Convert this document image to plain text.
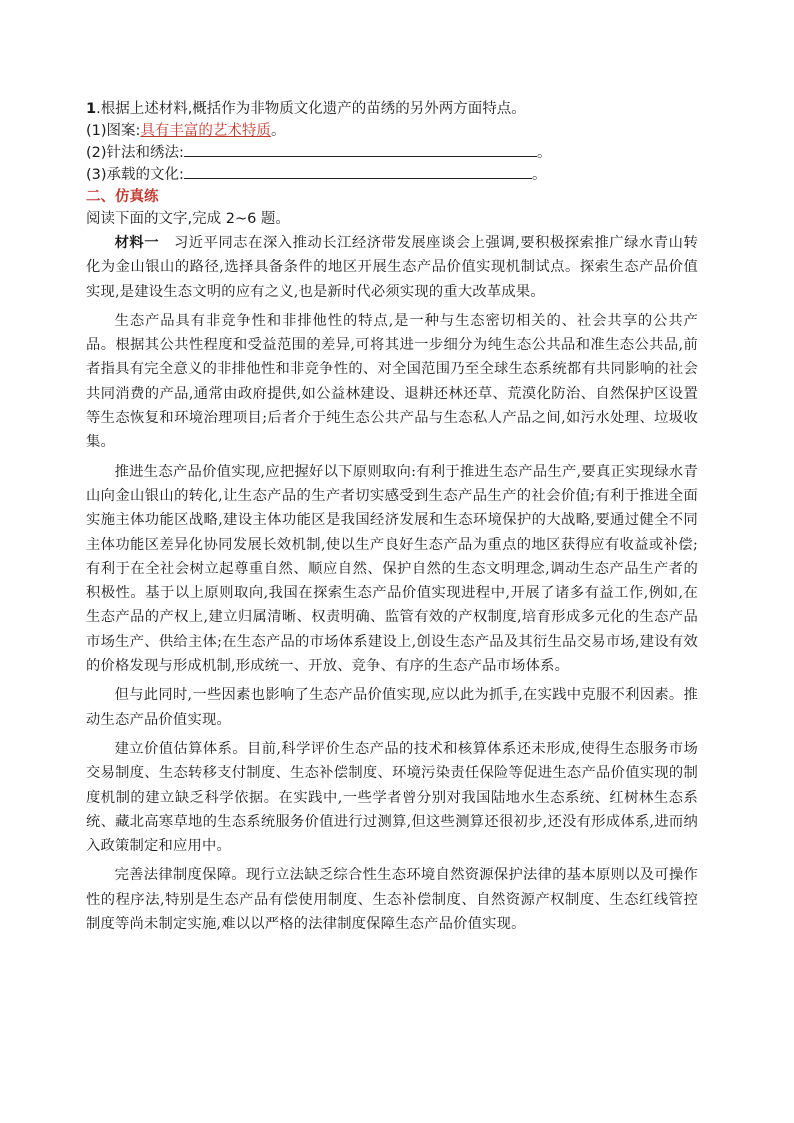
1.根据上述材料,概括作为非物质文化遗产的苗绣的另外两方面特点。
(1)图案:具有丰富的艺术特质。
(2)针法和绣法:	。
(3)承载的文化:	。
二、仿真练
阅读下面的文字,完成 2~6 题。

材料一　习近平同志在深入推动长江经济带发展座谈会上强调,要积极探索推广绿水青山转化为金山银山的路径,选择具备条件的地区开展生态产品价值实现机制试点。探索生态产品价值实现,是建设生态文明的应有之义,也是新时代必须实现的重大改革成果。

生态产品具有非竞争性和非排他性的特点,是一种与生态密切相关的、社会共享的公共产品。根据其公共性程度和受益范围的差异,可将其进一步细分为纯生态公共品和准生态公共品,前者指具有完全意义的非排他性和非竞争性的、对全国范围乃至全球生态系统都有共同影响的社会共同消费的产品,通常由政府提供,如公益林建设、退耕还林还草、荒漠化防治、自然保护区设置等生态恢复和环境治理项目;后者介于纯生态公共产品与生态私人产品之间,如污水处理、垃圾收集。

推进生态产品价值实现,应把握好以下原则取向:有利于推进生态产品生产,要真正实现绿水青山向金山银山的转化,让生态产品的生产者切实感受到生态产品生产的社会价值;有利于推进全面实施主体功能区战略,建设主体功能区是我国经济发展和生态环境保护的大战略,要通过健全不同主体功能区差异化协同发展长效机制,使以生产良好生态产品为重点的地区获得应有收益或补偿;有利于在全社会树立起尊重自然、顺应自然、保护自然的生态文明理念,调动生态产品生产者的积极性。基于以上原则取向,我国在探索生态产品价值实现进程中,开展了诸多有益工作,例如,在生态产品的产权上,建立归属清晰、权责明确、监管有效的产权制度,培育形成多元化的生态产品市场生产、供给主体;在生态产品的市场体系建设上,创设生态产品及其衍生品交易市场,建设有效的价格发现与形成机制,形成统一、开放、竞争、有序的生态产品市场体系。

但与此同时,一些因素也影响了生态产品价值实现,应以此为抓手,在实践中克服不利因素。推动生态产品价值实现。

建立价值估算体系。目前,科学评价生态产品的技术和核算体系还未形成,使得生态服务市场交易制度、生态转移支付制度、生态补偿制度、环境污染责任保险等促进生态产品价值实现的制度机制的建立缺乏科学依据。在实践中,一些学者曾分别对我国陆地水生态系统、红树林生态系统、藏北高寒草地的生态系统服务价值进行过测算,但这些测算还很初步,还没有形成体系,进而纳入政策制定和应用中。

完善法律制度保障。现行立法缺乏综合性生态环境自然资源保护法律的基本原则以及可操作性的程序法,特别是生态产品有偿使用制度、生态补偿制度、自然资源产权制度、生态红线管控制度等尚未制定实施,难以以严格的法律制度保障生态产品价值实现。
